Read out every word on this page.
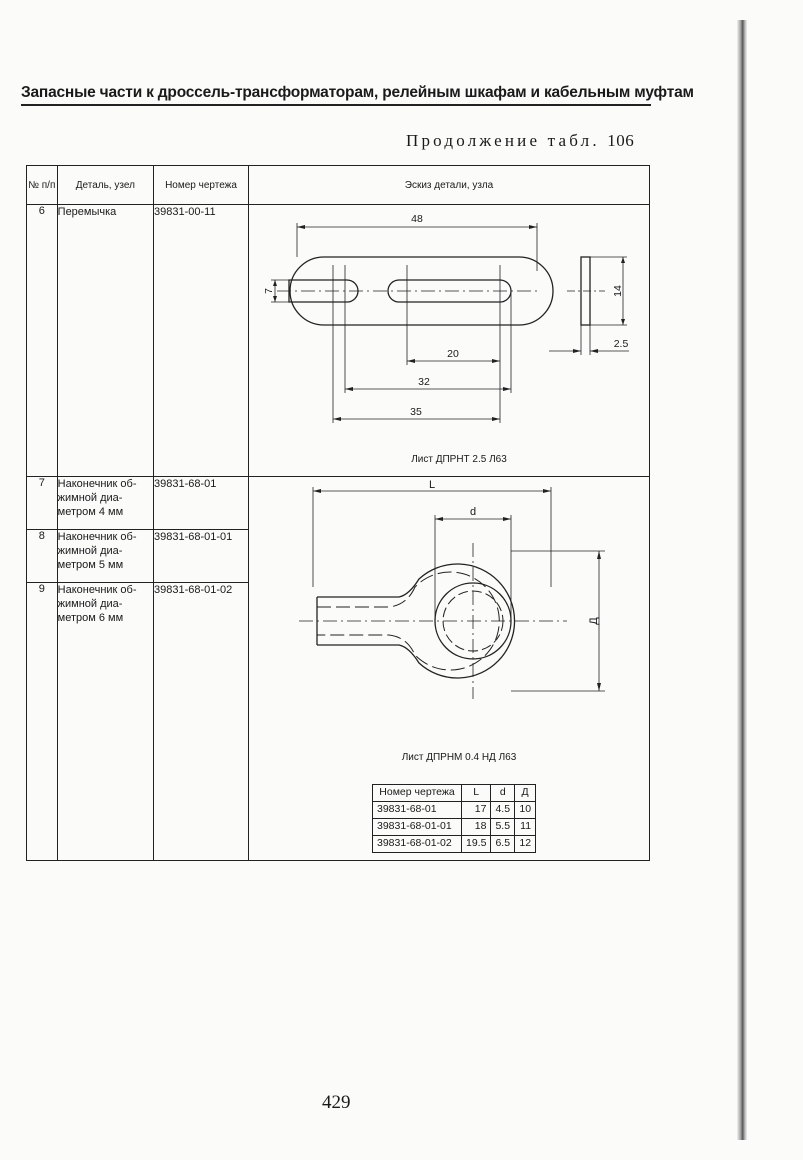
Запасные части к дроссель-трансформаторам, релейным шкафам и кабельным муфтам
Продолжение табл. 106
№ п/п	Деталь, узел	Номер чертежа	Эскиз детали, узла
6	Перемычка	39831-00-11	
48
7	14
2.5
20
32
35
Лист ДПРНТ 2.5 Л63

7	Наконечник об-
жимной диа-
метром 4 мм	39831-68-01	L
d
Д
Лист ДПРНМ 0.4 НД Л63
Номер чертежа	L	d	Д
39831-68-01	17	4.5	10
39831-68-01-01	18	5.5	11
39831-68-01-02	19.5	6.5	12

8	Наконечник об-
жимной диа-
метром 5 мм	39831-68-01-01
9	Наконечник об-
жимной диа-
метром 6 мм	39831-68-01-02
429
